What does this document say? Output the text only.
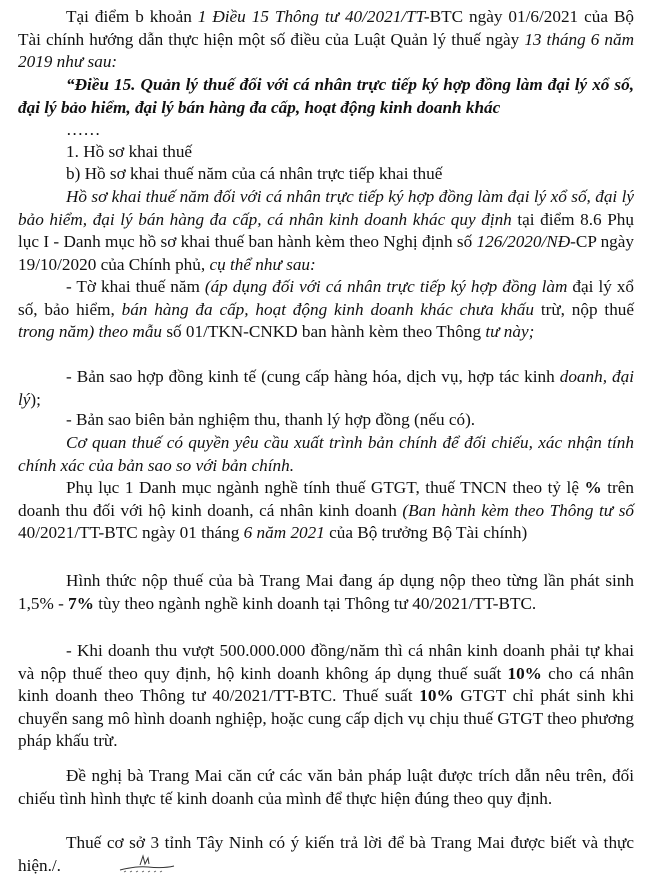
Tại điểm b khoản 1 Điều 15 Thông tư 40/2021/TT-BTC ngày 01/6/2021 của Bộ Tài chính hướng dẫn thực hiện một số điều của Luật Quản lý thuế ngày 13 tháng 6 năm 2019 như sau:

“Điều 15. Quản lý thuế đối với cá nhân trực tiếp ký hợp đồng làm đại lý xổ số, đại lý bảo hiểm, đại lý bán hàng đa cấp, hoạt động kinh doanh khác

……

1. Hồ sơ khai thuế

b) Hồ sơ khai thuế năm của cá nhân trực tiếp khai thuế

Hồ sơ khai thuế năm đối với cá nhân trực tiếp ký hợp đồng làm đại lý xổ số, đại lý bảo hiểm, đại lý bán hàng đa cấp, cá nhân kinh doanh khác quy định tại điểm 8.6 Phụ lục I - Danh mục hồ sơ khai thuế ban hành kèm theo Nghị định số 126/2020/NĐ-CP ngày 19/10/2020 của Chính phủ, cụ thể như sau:

- Tờ khai thuế năm (áp dụng đối với cá nhân trực tiếp ký hợp đồng làm đại lý xổ số, bảo hiểm, bán hàng đa cấp, hoạt động kinh doanh khác chưa khấu trừ, nộp thuế trong năm) theo mẫu số 01/TKN-CNKD ban hành kèm theo Thông tư này;

- Bản sao hợp đồng kinh tế (cung cấp hàng hóa, dịch vụ, hợp tác kinh doanh, đại lý);

- Bản sao biên bản nghiệm thu, thanh lý hợp đồng (nếu có).

Cơ quan thuế có quyền yêu cầu xuất trình bản chính để đối chiếu, xác nhận tính chính xác của bản sao so với bản chính.

Phụ lục 1 Danh mục ngành nghề tính thuế GTGT, thuế TNCN theo tỷ lệ % trên doanh thu đối với hộ kinh doanh, cá nhân kinh doanh (Ban hành kèm theo Thông tư số 40/2021/TT-BTC ngày 01 tháng 6 năm 2021 của Bộ trưởng Bộ Tài chính)

Hình thức nộp thuế của bà Trang Mai đang áp dụng nộp theo từng lần phát sinh 1,5% - 7% tùy theo ngành nghề kinh doanh tại Thông tư 40/2021/TT-BTC.

- Khi doanh thu vượt 500.000.000 đồng/năm thì cá nhân kinh doanh phải tự khai và nộp thuế theo quy định, hộ kinh doanh không áp dụng thuế suất 10% cho cá nhân kinh doanh theo Thông tư 40/2021/TT-BTC. Thuế suất 10% GTGT chỉ phát sinh khi chuyển sang mô hình doanh nghiệp, hoặc cung cấp dịch vụ chịu thuế GTGT theo phương pháp khấu trừ.

Đề nghị bà Trang Mai căn cứ các văn bản pháp luật được trích dẫn nêu trên, đối chiếu tình hình thực tế kinh doanh của mình để thực hiện đúng theo quy định.

Thuế cơ sở 3 tỉnh Tây Ninh có ý kiến trả lời để bà Trang Mai được biết và thực hiện./.
